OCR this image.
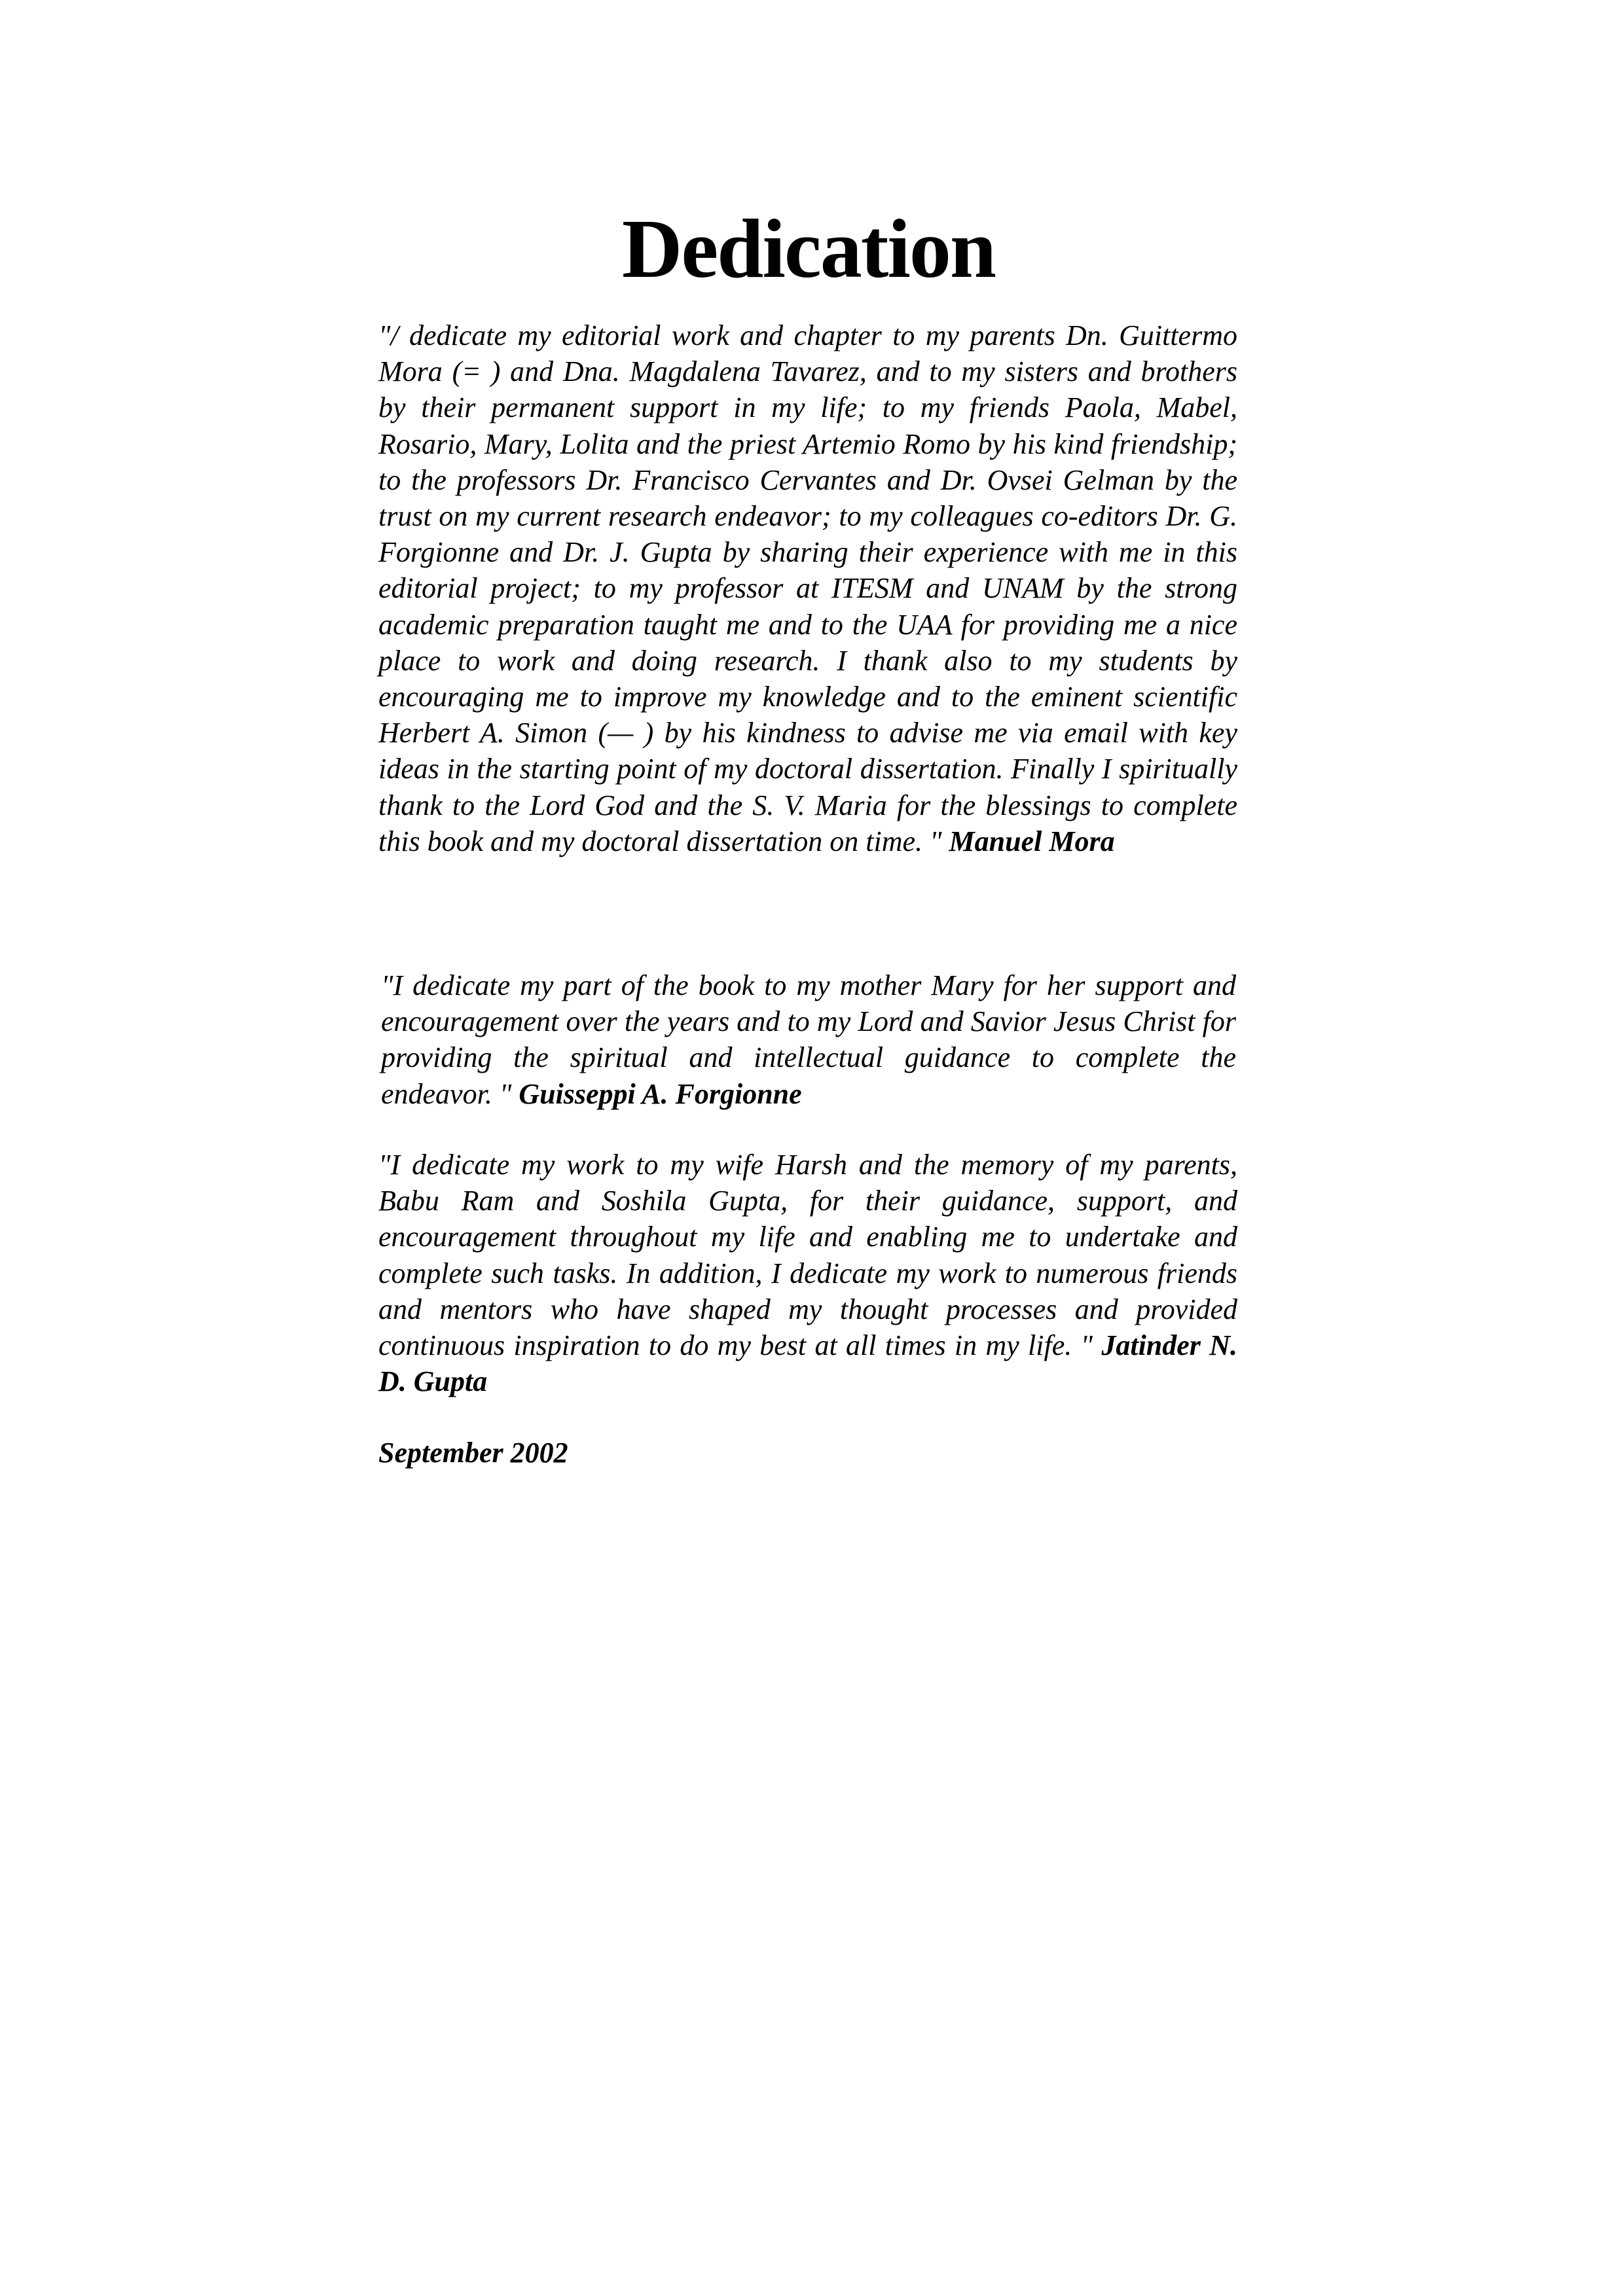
Dedication

"/ dedicate my editorial work and chapter to my parents Dn. Guittermo Mora (= ) and Dna. Magdalena Tavarez, and to my sisters and brothers by their permanent support in my life; to my friends Paola, Mabel, Rosario, Mary, Lolita and the priest Artemio Romo by his kind friendship; to the professors Dr. Francisco Cervantes and Dr. Ovsei Gelman by the trust on my current research endeavor; to my colleagues co-editors Dr. G. Forgionne and Dr. J. Gupta by sharing their experience with me in this editorial project; to my professor at ITESM and UNAM by the strong academic preparation taught me and to the UAA for providing me a nice place to work and doing research. I thank also to my students by encouraging me to improve my knowledge and to the eminent scientific Herbert A. Simon (— ) by his kindness to advise me via email with key ideas in the starting point of my doctoral dissertation. Finally I spiritually thank to the Lord God and the S. V. Maria for the blessings to complete this book and my doctoral dissertation on time. " Manuel Mora

"I dedicate my part of the book to my mother Mary for her support and encouragement over the years and to my Lord and Savior Jesus Christ for providing the spiritual and intellectual guidance to complete the endeavor. " Guisseppi A. Forgionne

"I dedicate my work to my wife Harsh and the memory of my parents, Babu Ram and Soshila Gupta, for their guidance, support, and encouragement throughout my life and enabling me to undertake and complete such tasks. In addition, I dedicate my work to numerous friends and mentors who have shaped my thought processes and provided continuous inspiration to do my best at all times in my life. " Jatinder N. D. Gupta

September 2002
